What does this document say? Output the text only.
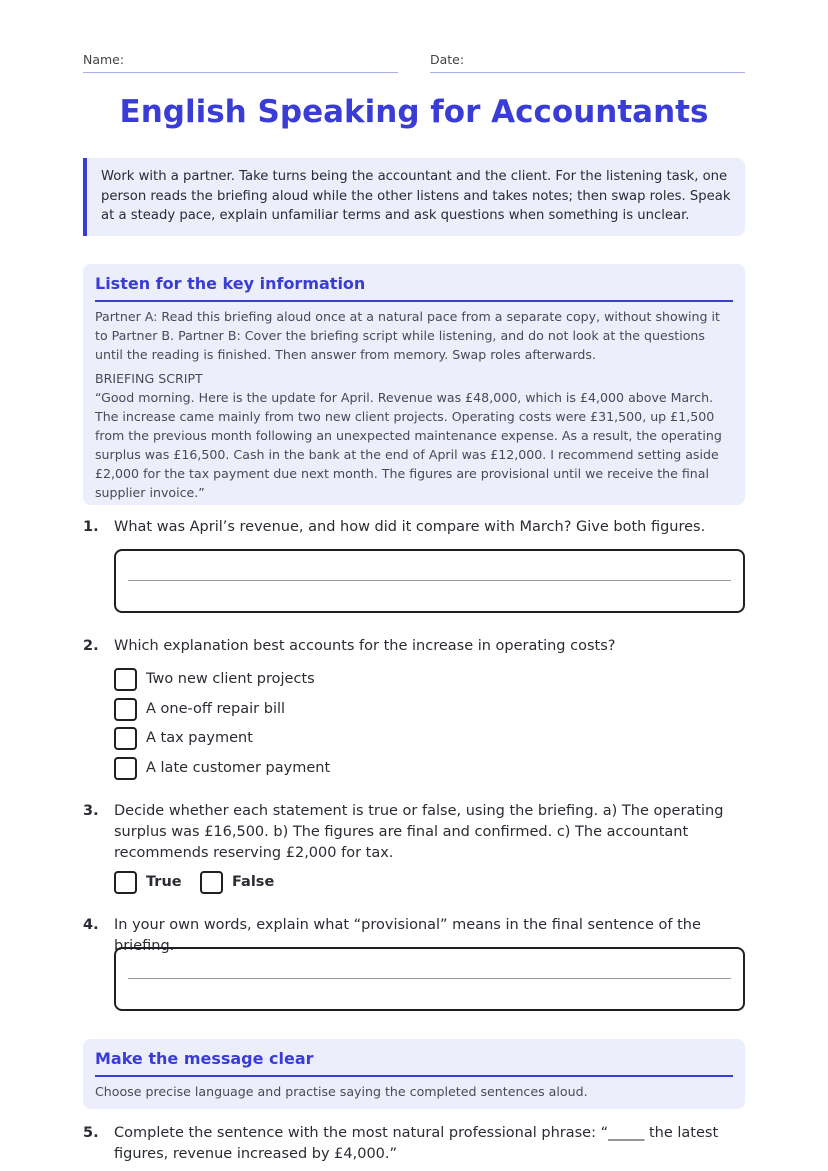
Name:	Date:
English Speaking for Accountants
Work with a partner. Take turns being the accountant and the client. For the listening task, one person reads the briefing aloud while the other listens and takes notes; then swap roles. Speak at a steady pace, explain unfamiliar terms and ask questions when something is unclear.
Listen for the key information
Partner A: Read this briefing aloud once at a natural pace from a separate copy, without showing it to Partner B. Partner B: Cover the briefing script while listening, and do not look at the questions until the reading is finished. Then answer from memory. Swap roles afterwards.
BRIEFING SCRIPT
“Good morning. Here is the update for April. Revenue was £48,000, which is £4,000 above March. The increase came mainly from two new client projects. Operating costs were £31,500, up £1,500 from the previous month following an unexpected maintenance expense. As a result, the operating surplus was £16,500. Cash in the bank at the end of April was £12,000. I recommend setting aside £2,000 for the tax payment due next month. The figures are provisional until we receive the final supplier invoice.”
1. What was April’s revenue, and how did it compare with March? Give both figures.
2. Which explanation best accounts for the increase in operating costs?
Two new client projects
A one-off repair bill
A tax payment
A late customer payment
3. Decide whether each statement is true or false, using the briefing. a) The operating surplus was £16,500. b) The figures are final and confirmed. c) The accountant recommends reserving £2,000 for tax.
True	False
4. In your own words, explain what “provisional” means in the final sentence of the briefing.
Make the message clear
Choose precise language and practise saying the completed sentences aloud.
5. Complete the sentence with the most natural professional phrase: “_____ the latest figures, revenue increased by £4,000.”
